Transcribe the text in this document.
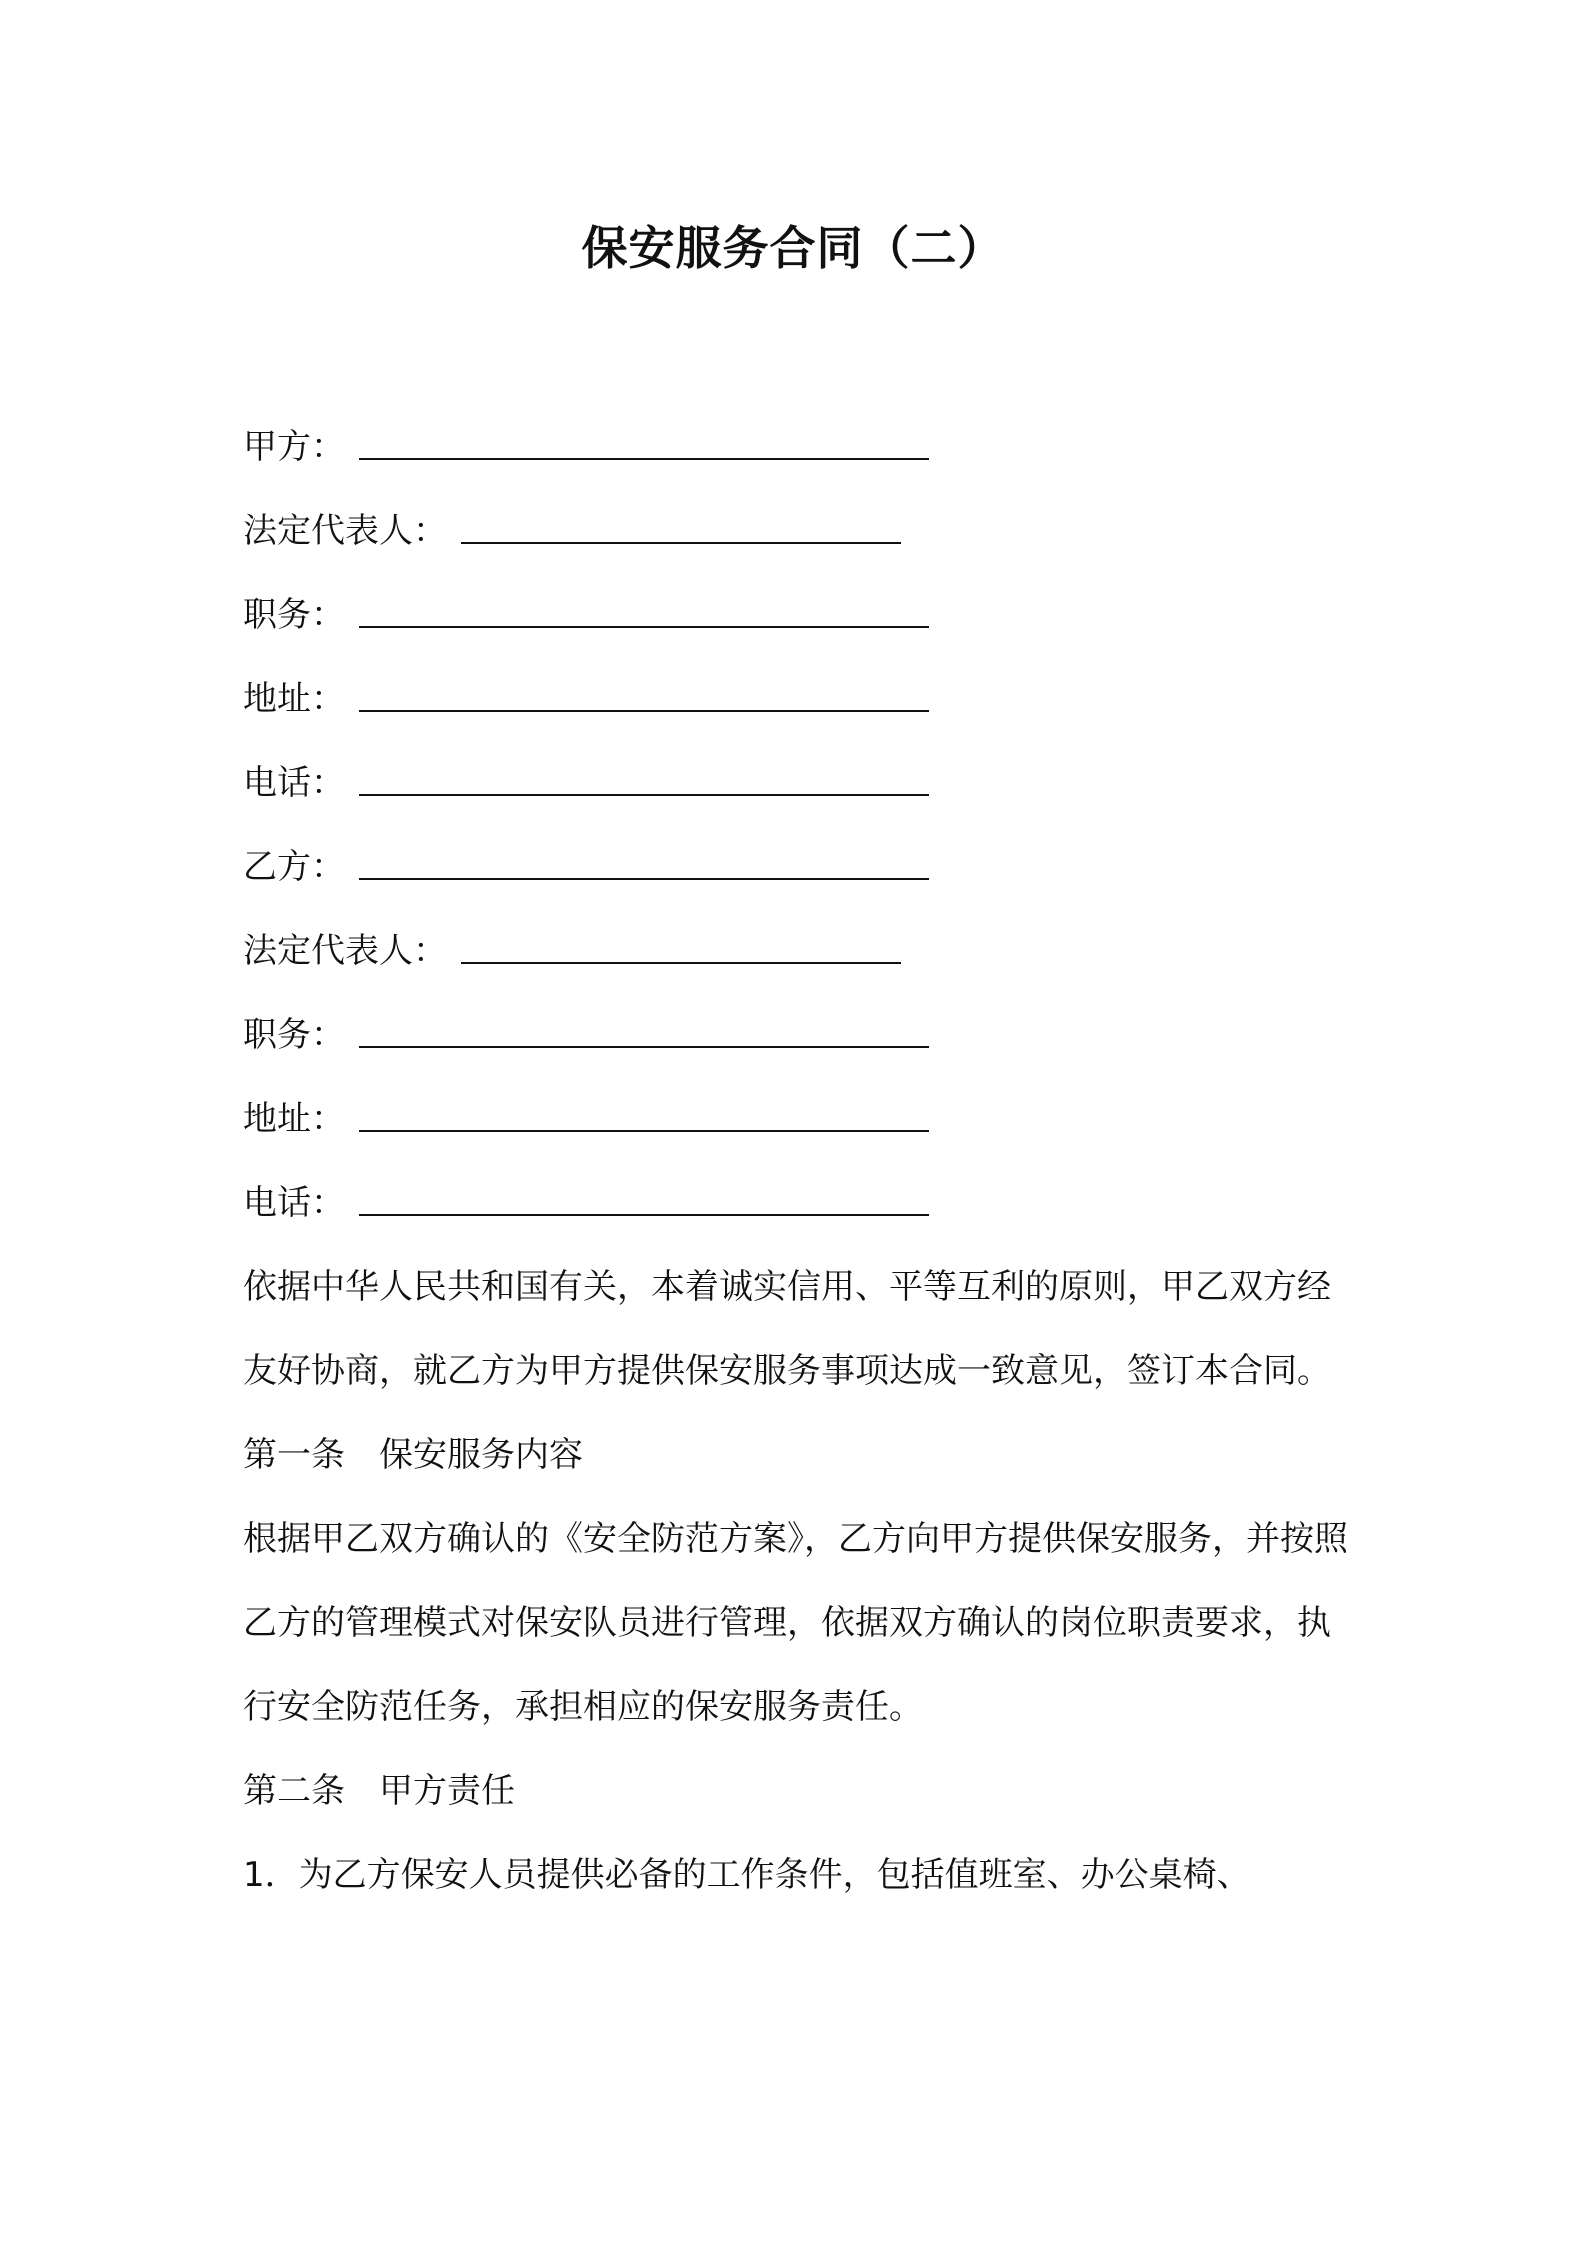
保安服务合同（二）
甲方：
法定代表人：
职务：
地址：
电话：
乙方：
法定代表人：
职务：
地址：
电话：

依据中华人民共和国有关，本着诚实信用、平等互利的原则，甲乙双方经友好协商，就乙方为甲方提供保安服务事项达成一致意见，签订本合同。

第一条　保安服务内容

根据甲乙双方确认的《安全防范方案》，乙方向甲方提供保安服务，并按照乙方的管理模式对保安队员进行管理，依据双方确认的岗位职责要求，执行安全防范任务，承担相应的保安服务责任。

第二条　甲方责任

1．为乙方保安人员提供必备的工作条件，包括值班室、办公桌椅、
